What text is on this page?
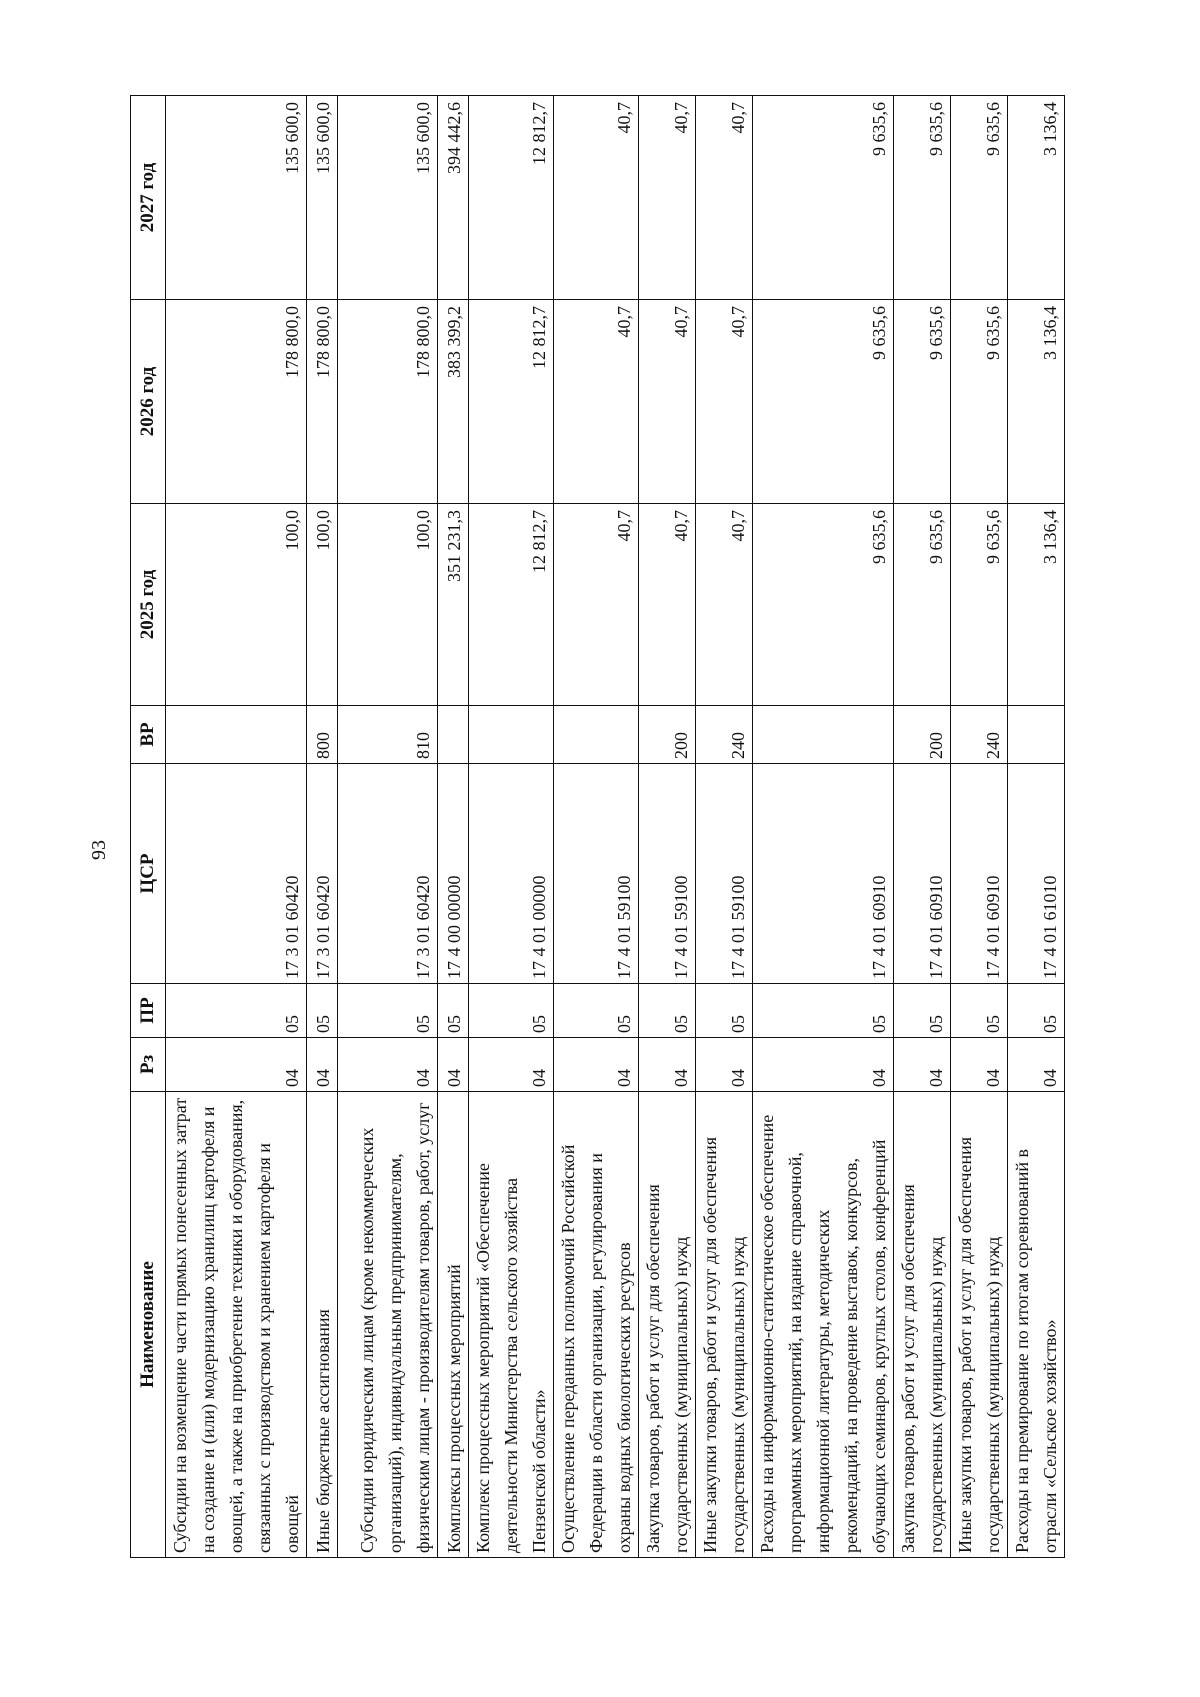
93
Наименование	Рз	ПР	ЦСР	ВР	2025 год	2026 год	2027 год
Субсидии на возмещение части прямых понесенных затрат на создание и (или) модернизацию хранилищ картофеля и овощей, а также на приобретение техники и оборудования, связанных с производством и хранением картофеля и овощей	04	05	17 3 01 60420		100,0	178 800,0	135 600,0
Иные бюджетные ассигнования	04	05	17 3 01 60420	800	100,0	178 800,0	135 600,0
Субсидии юридическим лицам (кроме некоммерческих организаций), индивидуальным предпринимателям, физическим лицам - производителям товаров, работ, услуг	04	05	17 3 01 60420	810	100,0	178 800,0	135 600,0
Комплексы процессных мероприятий	04	05	17 4 00 00000		351 231,3	383 399,2	394 442,6
Комплекс процессных мероприятий «Обеспечение деятельности Министерства сельского хозяйства Пензенской области»	04	05	17 4 01 00000		12 812,7	12 812,7	12 812,7
Осуществление переданных полномочий Российской Федерации в области организации, регулирования и охраны водных биологических ресурсов	04	05	17 4 01 59100		40,7	40,7	40,7
Закупка товаров, работ и услуг для обеспечения государственных (муниципальных) нужд	04	05	17 4 01 59100	200	40,7	40,7	40,7
Иные закупки товаров, работ и услуг для обеспечения государственных (муниципальных) нужд	04	05	17 4 01 59100	240	40,7	40,7	40,7
Расходы на информационно-статистическое обеспечение программных мероприятий, на издание справочной, информационной литературы, методических рекомендаций, на проведение выставок, конкурсов, обучающих семинаров, круглых столов, конференций	04	05	17 4 01 60910		9 635,6	9 635,6	9 635,6
Закупка товаров, работ и услуг для обеспечения государственных (муниципальных) нужд	04	05	17 4 01 60910	200	9 635,6	9 635,6	9 635,6
Иные закупки товаров, работ и услуг для обеспечения государственных (муниципальных) нужд	04	05	17 4 01 60910	240	9 635,6	9 635,6	9 635,6
Расходы на премирование по итогам соревнований в отрасли «Сельское хозяйство»	04	05	17 4 01 61010		3 136,4	3 136,4	3 136,4
